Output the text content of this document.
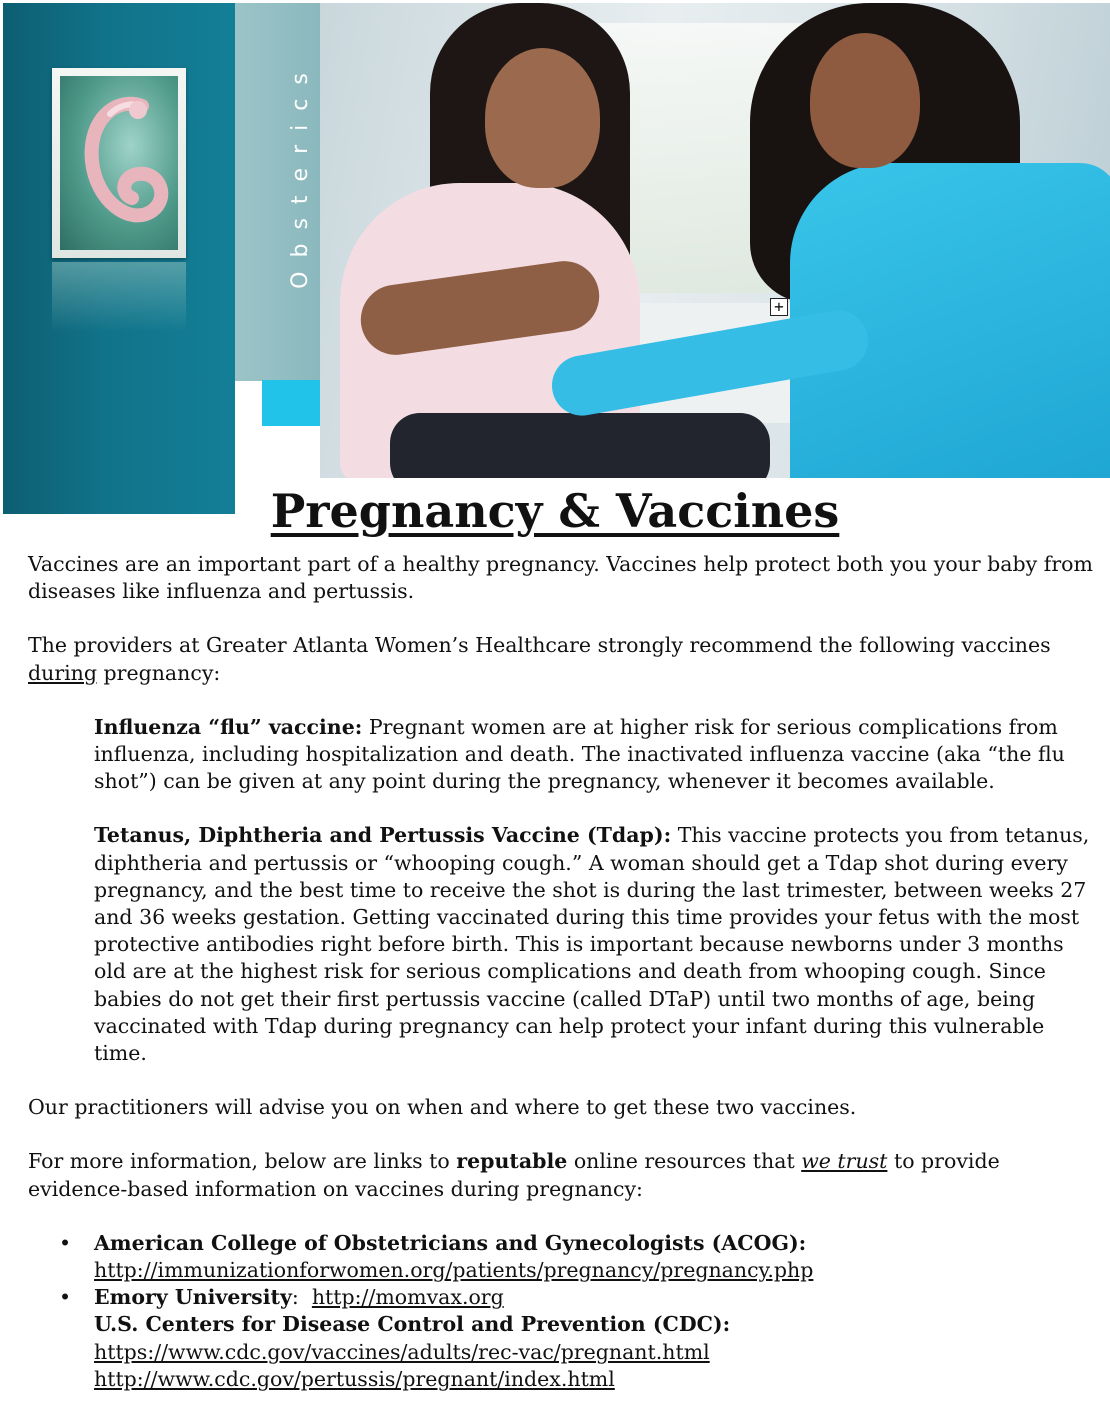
G	Obsterics
+
Pregnancy & Vaccines

Vaccines are an important part of a healthy pregnancy. Vaccines help protect both you your baby from diseases like influenza and pertussis.

The providers at Greater Atlanta Women’s Healthcare strongly recommend the following vaccines during pregnancy:

Influenza “flu” vaccine: Pregnant women are at higher risk for serious complications from influenza, including hospitalization and death. The inactivated influenza vaccine (aka “the flu shot”) can be given at any point during the pregnancy, whenever it becomes available.

Tetanus, Diphtheria and Pertussis Vaccine (Tdap): This vaccine protects you from tetanus, diphtheria and pertussis or “whooping cough.” A woman should get a Tdap shot during every pregnancy, and the best time to receive the shot is during the last trimester, between weeks 27 and 36 weeks gestation. Getting vaccinated during this time provides your fetus with the most protective antibodies right before birth. This is important because newborns under 3 months old are at the highest risk for serious complications and death from whooping cough. Since babies do not get their first pertussis vaccine (called DTaP) until two months of age, being vaccinated with Tdap during pregnancy can help protect your infant during this vulnerable time.

Our practitioners will advise you on when and where to get these two vaccines.

For more information, below are links to reputable online resources that we trust to provide evidence-based information on vaccines during pregnancy:

• American College of Obstetricians and Gynecologists (ACOG):
http://immunizationforwomen.org/patients/pregnancy/pregnancy.php
• Emory University: http://momvax.org
U.S. Centers for Disease Control and Prevention (CDC):
https://www.cdc.gov/vaccines/adults/rec-vac/pregnant.html
http://www.cdc.gov/pertussis/pregnant/index.html
